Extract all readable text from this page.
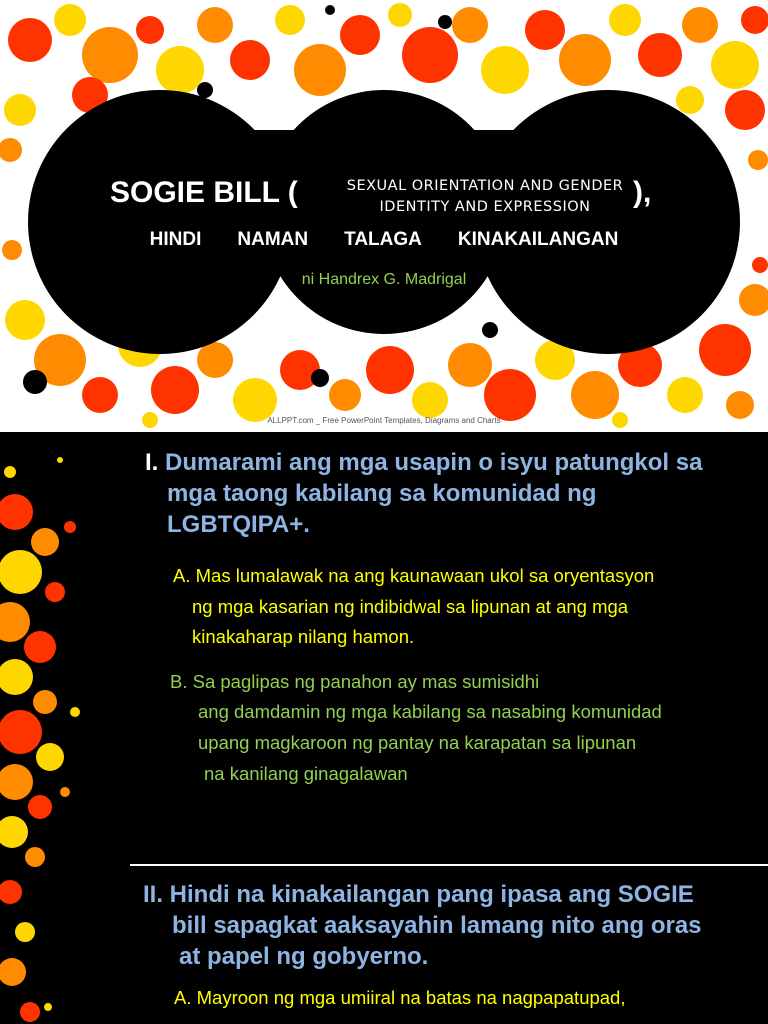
SOGIE BILL (	SEXUAL ORIENTATION AND GENDER
IDENTITY AND EXPRESSION	),
HINDI NAMAN TALAGA KINAKAILANGAN
ni Handrex G. Madrigal
ALLPPT.com _ Free PowerPoint Templates, Diagrams and Charts
I. Dumarami ang mga usapin o isyu patungkol sa
mga taong kabilang sa komunidad ng
LGBTQIPA+.
A. Mas lumalawak na ang kaunawaan ukol sa oryentasyon
ng mga kasarian ng indibidwal sa lipunan at ang mga
kinakaharap nilang hamon.
B. Sa paglipas ng panahon ay mas sumisidhi
ang damdamin ng mga kabilang sa nasabing komunidad
upang magkaroon ng pantay na karapatan sa lipunan
na kanilang ginagalawan
II. Hindi na kinakailangan pang ipasa ang SOGIE
bill sapagkat aaksayahin lamang nito ang oras
at papel ng gobyerno.
A. Mayroon ng mga umiiral na batas na nagpapatupad,
